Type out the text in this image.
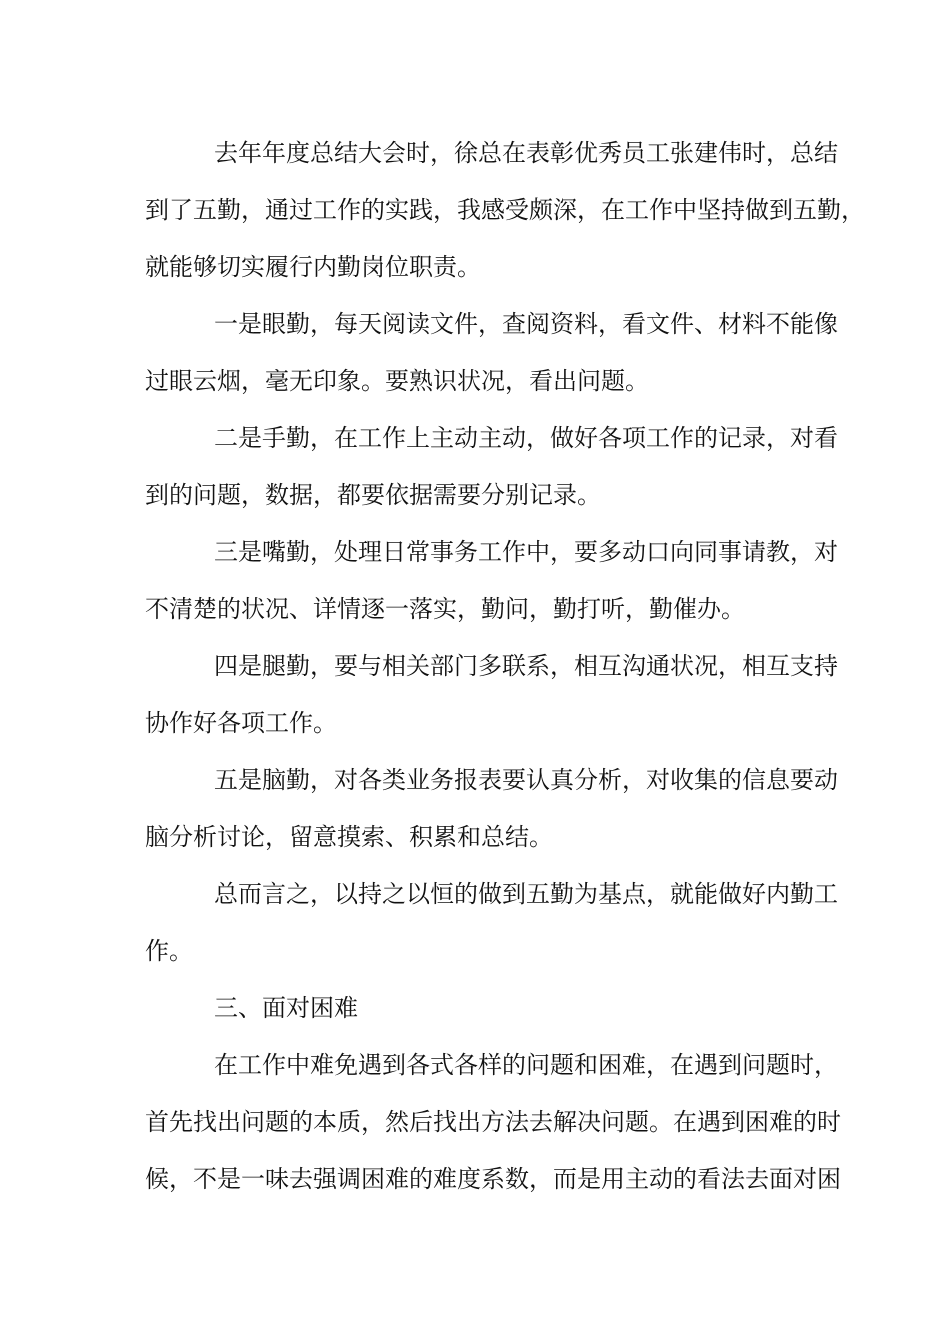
去年年度总结大会时，徐总在表彰优秀员工张建伟时，总结
到了五勤，通过工作的实践，我感受颇深，在工作中坚持做到五勤，
就能够切实履行内勤岗位职责。
一是眼勤，每天阅读文件，查阅资料，看文件、材料不能像
过眼云烟，毫无印象。要熟识状况，看出问题。
二是手勤，在工作上主动主动，做好各项工作的记录，对看
到的问题，数据，都要依据需要分别记录。
三是嘴勤，处理日常事务工作中，要多动口向同事请教，对
不清楚的状况、详情逐一落实，勤问，勤打听，勤催办。
四是腿勤，要与相关部门多联系，相互沟通状况，相互支持
协作好各项工作。
五是脑勤，对各类业务报表要认真分析，对收集的信息要动
脑分析讨论，留意摸索、积累和总结。
总而言之，以持之以恒的做到五勤为基点，就能做好内勤工
作。
三、面对困难
在工作中难免遇到各式各样的问题和困难，在遇到问题时，
首先找出问题的本质，然后找出方法去解决问题。在遇到困难的时
候，不是一味去强调困难的难度系数，而是用主动的看法去面对困
